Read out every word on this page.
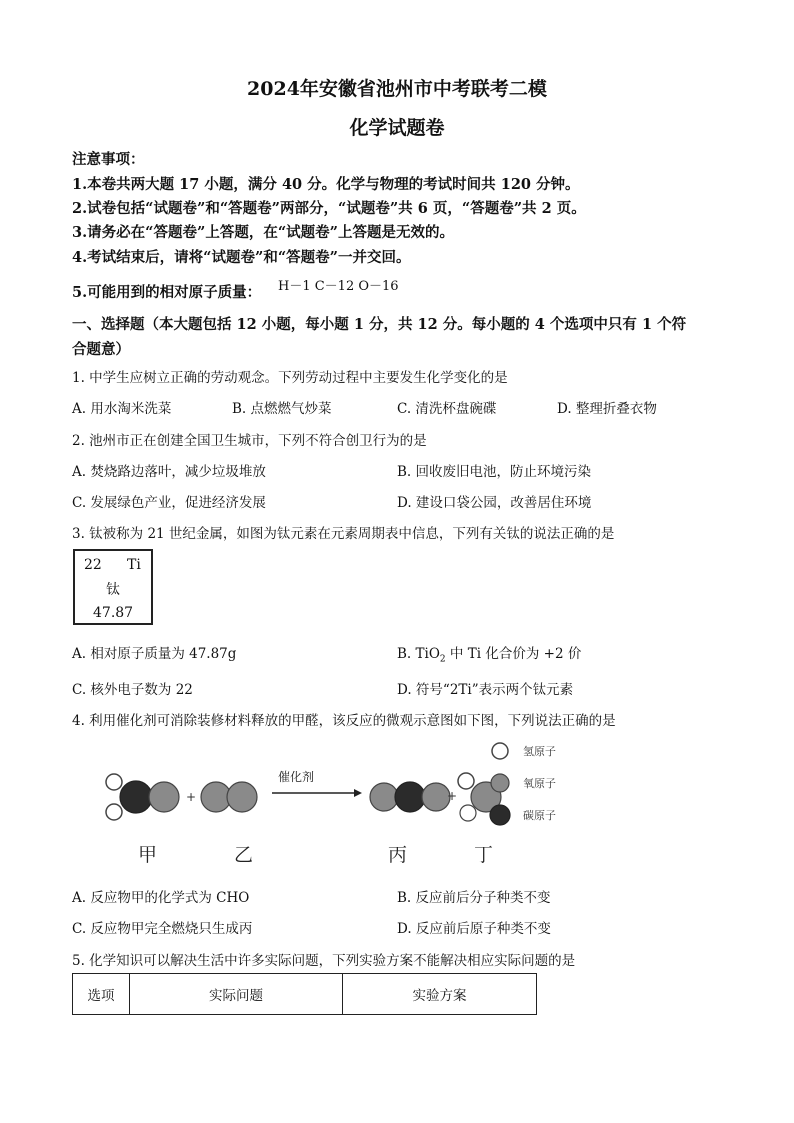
2024年安徽省池州市中考联考二模
化学试题卷
注意事项：
1.本卷共两大题 17 小题，满分 40 分。化学与物理的考试时间共 120 分钟。
2.试卷包括“试题卷”和“答题卷”两部分，“试题卷”共 6 页，“答题卷”共 2 页。
3.请务必在“答题卷”上答题，在“试题卷”上答题是无效的。
4.考试结束后，请将“试题卷”和“答题卷”一并交回。
5.可能用到的相对原子质量： H－1 C－12 O－16
一、选择题（本大题包括 12 小题，每小题 1 分，共 12 分。每小题的 4 个选项中只有 1 个符
合题意）
1. 中学生应树立正确的劳动观念。下列劳动过程中主要发生化学变化的是
A. 用水淘米洗菜	B. 点燃燃气炒菜	C. 清洗杯盘碗碟	D. 整理折叠衣物
2. 池州市正在创建全国卫生城市，下列不符合创卫行为的是
A. 焚烧路边落叶，减少垃圾堆放	B. 回收废旧电池，防止环境污染
C. 发展绿色产业，促进经济发展	D. 建设口袋公园，改善居住环境
3. 钛被称为 21 世纪金属，如图为钛元素在元素周期表中信息，下列有关钛的说法正确的是
22 Ti
钛
47.87
A. 相对原子质量为 47.87g	B. TiO$_2$ 中 Ti 化合价为 +2 价
C. 核外电子数为 22	D. 符号“2Ti”表示两个钛元素
4. 利用催化剂可消除装修材料释放的甲醛，该反应的微观示意图如下图，下列说法正确的是
+
催化剂
氢原子
氧原子
碳原子
甲	乙	丙	丁
+
A. 反应物甲的化学式为 CHO	B. 反应前后分子种类不变
C. 反应物甲完全燃烧只生成丙	D. 反应前后原子种类不变
5. 化学知识可以解决生活中许多实际问题，下列实验方案不能解决相应实际问题的是
选项	实际问题	实验方案
